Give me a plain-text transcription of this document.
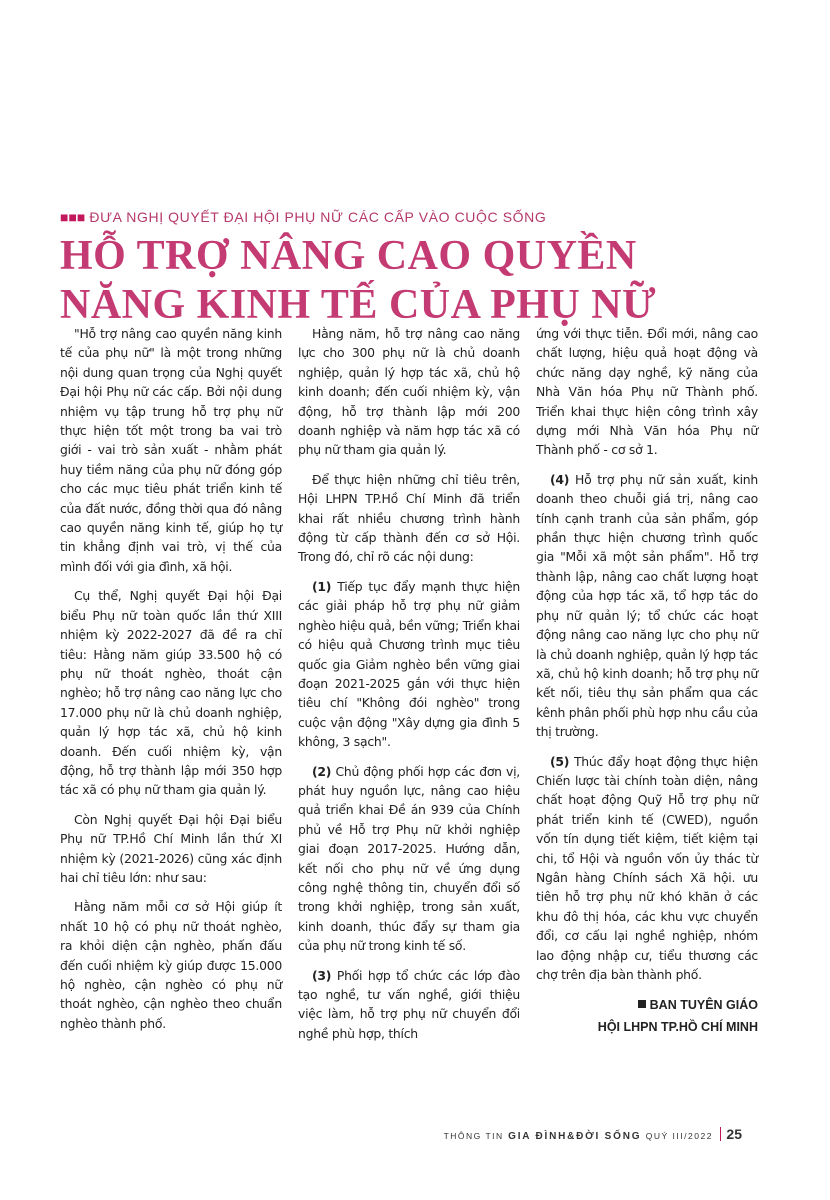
■■■ ĐƯA NGHỊ QUYẾT ĐẠI HỘI PHỤ NỮ CÁC CẤP VÀO CUỘC SỐNG
HỖ TRỢ NÂNG CAO QUYỀN NĂNG KINH TẾ CỦA PHỤ NỮ

"Hỗ trợ nâng cao quyền năng kinh tế của phụ nữ" là một trong những nội dung quan trọng của Nghị quyết Đại hội Phụ nữ các cấp. Bởi nội dung nhiệm vụ tập trung hỗ trợ phụ nữ thực hiện tốt một trong ba vai trò giới - vai trò sản xuất - nhằm phát huy tiềm năng của phụ nữ đóng góp cho các mục tiêu phát triển kinh tế của đất nước, đồng thời qua đó nâng cao quyền năng kinh tế, giúp họ tự tin khẳng định vai trò, vị thế của mình đối với gia đình, xã hội.

Cụ thể, Nghị quyết Đại hội Đại biểu Phụ nữ toàn quốc lần thứ XIII nhiệm kỳ 2022-2027 đã đề ra chỉ tiêu: Hằng năm giúp 33.500 hộ có phụ nữ thoát nghèo, thoát cận nghèo; hỗ trợ nâng cao năng lực cho 17.000 phụ nữ là chủ doanh nghiệp, quản lý hợp tác xã, chủ hộ kinh doanh. Đến cuối nhiệm kỳ, vận động, hỗ trợ thành lập mới 350 hợp tác xã có phụ nữ tham gia quản lý.

Còn Nghị quyết Đại hội Đại biểu Phụ nữ TP.Hồ Chí Minh lần thứ XI nhiệm kỳ (2021-2026) cũng xác định hai chỉ tiêu lớn: như sau:

Hằng năm mỗi cơ sở Hội giúp ít nhất 10 hộ có phụ nữ thoát nghèo, ra khỏi diện cận nghèo, phấn đấu đến cuối nhiệm kỳ giúp được 15.000 hộ nghèo, cận nghèo có phụ nữ thoát nghèo, cận nghèo theo chuẩn nghèo thành phố.

Hằng năm, hỗ trợ nâng cao năng lực cho 300 phụ nữ là chủ doanh nghiệp, quản lý hợp tác xã, chủ hộ kinh doanh; đến cuối nhiệm kỳ, vận động, hỗ trợ thành lập mới 200 doanh nghiệp và năm hợp tác xã có phụ nữ tham gia quản lý.

Để thực hiện những chỉ tiêu trên, Hội LHPN TP.Hồ Chí Minh đã triển khai rất nhiều chương trình hành động từ cấp thành đến cơ sở Hội. Trong đó, chỉ rõ các nội dung:

(1) Tiếp tục đẩy mạnh thực hiện các giải pháp hỗ trợ phụ nữ giảm nghèo hiệu quả, bền vững; Triển khai có hiệu quả Chương trình mục tiêu quốc gia Giảm nghèo bền vững giai đoạn 2021-2025 gắn với thực hiện tiêu chí "Không đói nghèo" trong cuộc vận động "Xây dựng gia đình 5 không, 3 sạch".

(2) Chủ động phối hợp các đơn vị, phát huy nguồn lực, nâng cao hiệu quả triển khai Đề án 939 của Chính phủ về Hỗ trợ Phụ nữ khởi nghiệp giai đoạn 2017-2025. Hướng dẫn, kết nối cho phụ nữ về ứng dụng công nghệ thông tin, chuyển đổi số trong khởi nghiệp, trong sản xuất, kinh doanh, thúc đẩy sự tham gia của phụ nữ trong kinh tế số.

(3) Phối hợp tổ chức các lớp đào tạo nghề, tư vấn nghề, giới thiệu việc làm, hỗ trợ phụ nữ chuyển đổi nghề phù hợp, thích

ứng với thực tiễn. Đổi mới, nâng cao chất lượng, hiệu quả hoạt động và chức năng dạy nghề, kỹ năng của Nhà Văn hóa Phụ nữ Thành phố. Triển khai thực hiện công trình xây dựng mới Nhà Văn hóa Phụ nữ Thành phố - cơ sở 1.

(4) Hỗ trợ phụ nữ sản xuất, kinh doanh theo chuỗi giá trị, nâng cao tính cạnh tranh của sản phẩm, góp phần thực hiện chương trình quốc gia "Mỗi xã một sản phẩm". Hỗ trợ thành lập, nâng cao chất lượng hoạt động của hợp tác xã, tổ hợp tác do phụ nữ quản lý; tổ chức các hoạt động nâng cao năng lực cho phụ nữ là chủ doanh nghiệp, quản lý hợp tác xã, chủ hộ kinh doanh; hỗ trợ phụ nữ kết nối, tiêu thụ sản phẩm qua các kênh phân phối phù hợp nhu cầu của thị trường.

(5) Thúc đẩy hoạt động thực hiện Chiến lược tài chính toàn diện, nâng chất hoạt động Quỹ Hỗ trợ phụ nữ phát triển kinh tế (CWED), nguồn vốn tín dụng tiết kiệm, tiết kiệm tại chi, tổ Hội và nguồn vốn ủy thác từ Ngân hàng Chính sách Xã hội. ưu tiên hỗ trợ phụ nữ khó khăn ở các khu đô thị hóa, các khu vực chuyển đổi, cơ cấu lại nghề nghiệp, nhóm lao động nhập cư, tiểu thương các chợ trên địa bàn thành phố.

BAN TUYÊN GIÁO
HỘI LHPN TP.HỒ CHÍ MINH
THÔNG TIN GIA ĐÌNH&ĐỜI SỐNG QUÝ III/2022 25
